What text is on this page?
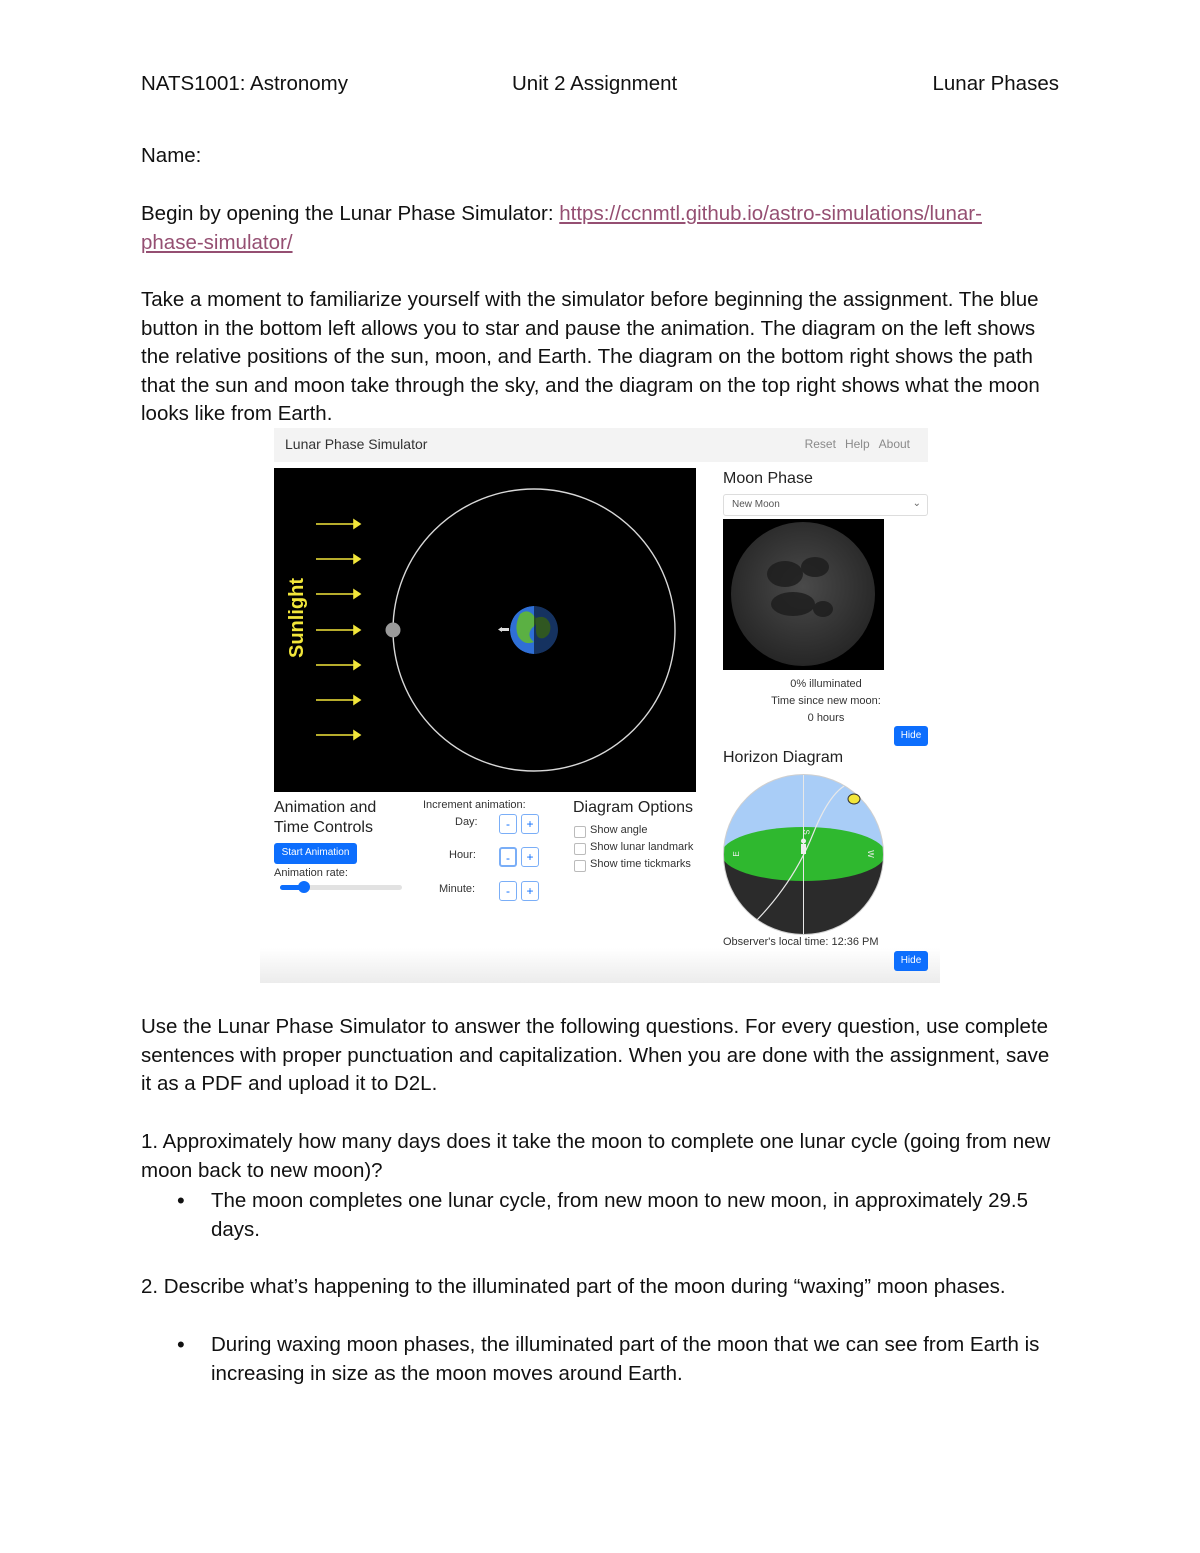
NATS1001: Astronomy	Unit 2 Assignment	Lunar Phases

Name:

Begin by opening the Lunar Phase Simulator: https://ccnmtl.github.io/astro-simulations/lunar-
phase-simulator/

Take a moment to familiarize yourself with the simulator before beginning the assignment. The blue button in the bottom left allows you to star and pause the animation. The diagram on the left shows the relative positions of the sun, moon, and Earth. The diagram on the bottom right shows the path that the sun and moon take through the sky, and the diagram on the top right shows what the moon looks like from Earth.

Lunar Phase Simulator	Reset Help About
Sunlight
Moon Phase
New Moon	⌄
0% illuminated
Time since new moon:
0 hours
Hide
Horizon Diagram
E	W
S
Observer's local time: 12:36 PM
Hide
Animation and
Time Controls
Start Animation
Animation rate:
Increment animation:
Day:	-	+
Hour:	-	+
Minute:	-	+
Diagram Options
Show angle
Show lunar landmark
Show time tickmarks

Use the Lunar Phase Simulator to answer the following questions. For every question, use complete sentences with proper punctuation and capitalization. When you are done with the assignment, save it as a PDF and upload it to D2L.

1. Approximately how many days does it take the moon to complete one lunar cycle (going from new moon back to new moon)?

• The moon completes one lunar cycle, from new moon to new moon, in approximately 29.5 days.

2. Describe what’s happening to the illuminated part of the moon during “waxing” moon phases.

• During waxing moon phases, the illuminated part of the moon that we can see from Earth is increasing in size as the moon moves around Earth.
